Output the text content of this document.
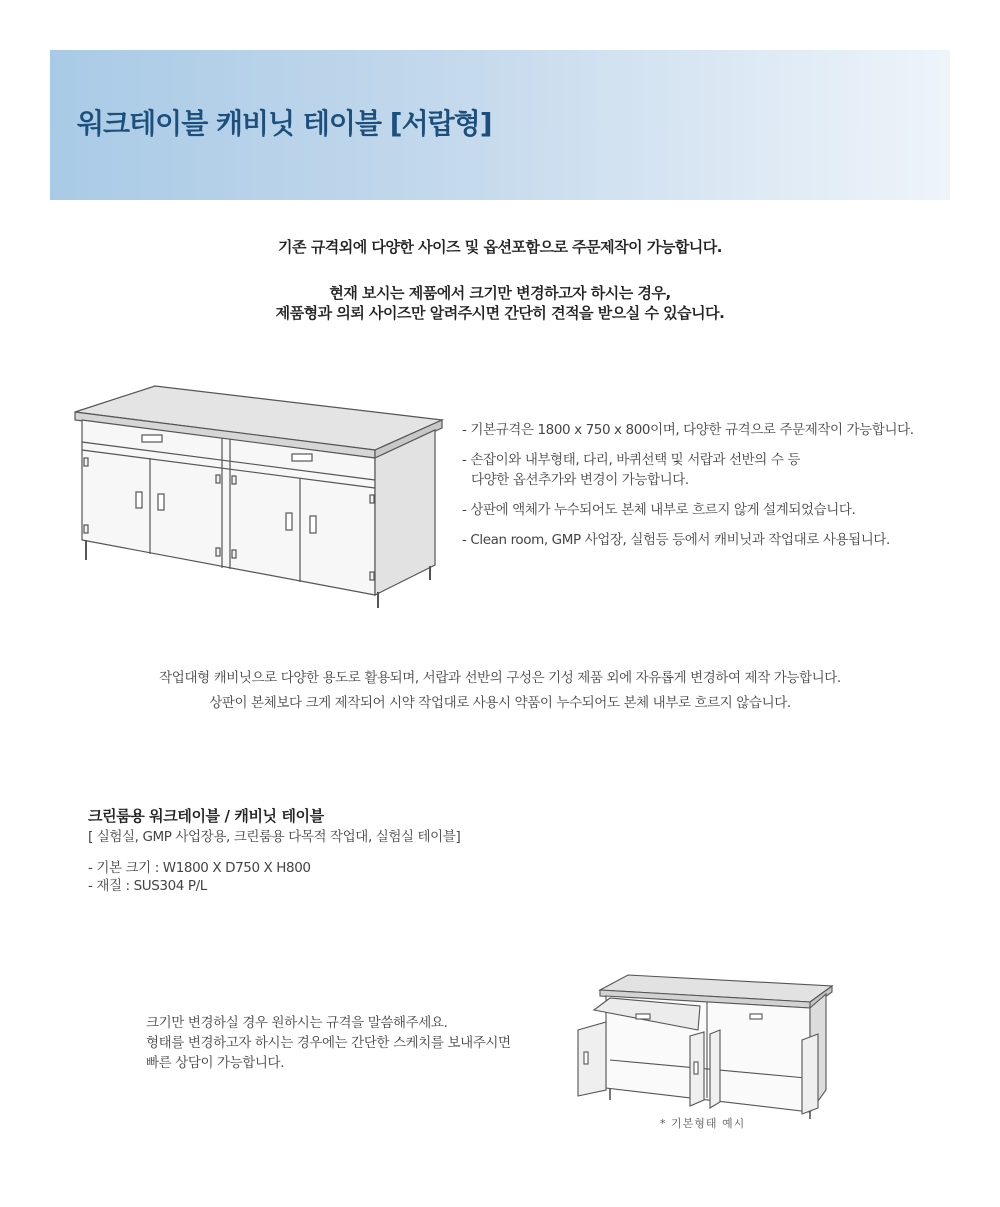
워크테이블 캐비닛 테이블 [서랍형]
기존 규격외에 다양한 사이즈 및 옵션포함으로 주문제작이 가능합니다.
현재 보시는 제품에서 크기만 변경하고자 하시는 경우,
제품형과 의뢰 사이즈만 알려주시면 간단히 견적을 받으실 수 있습니다.
- 기본규격은 1800 x 750 x 800이며, 다양한 규격으로 주문제작이 가능합니다.
- 손잡이와 내부형태, 다리, 바퀴선택 및 서랍과 선반의 수 등
다양한 옵션추가와 변경이 가능합니다.
- 상판에 액체가 누수되어도 본체 내부로 흐르지 않게 설계되었습니다.
- Clean room, GMP 사업장, 실험등 등에서 캐비닛과 작업대로 사용됩니다.
작업대형 캐비닛으로 다양한 용도로 활용되며, 서랍과 선반의 구성은 기성 제품 외에 자유롭게 변경하여 제작 가능합니다.
상판이 본체보다 크게 제작되어 시약 작업대로 사용시 약품이 누수되어도 본체 내부로 흐르지 않습니다.
크린룸용 워크테이블 / 캐비닛 테이블
[ 실험실, GMP 사업장용, 크린룸용 다목적 작업대, 실험실 테이블]
- 기본 크기 : W1800 X D750 X H800
- 재질 : SUS304 P/L
크기만 변경하실 경우 원하시는 규격을 말씀해주세요.
형태를 변경하고자 하시는 경우에는 간단한 스케치를 보내주시면
빠른 상담이 가능합니다.
* 기본형태 예시
